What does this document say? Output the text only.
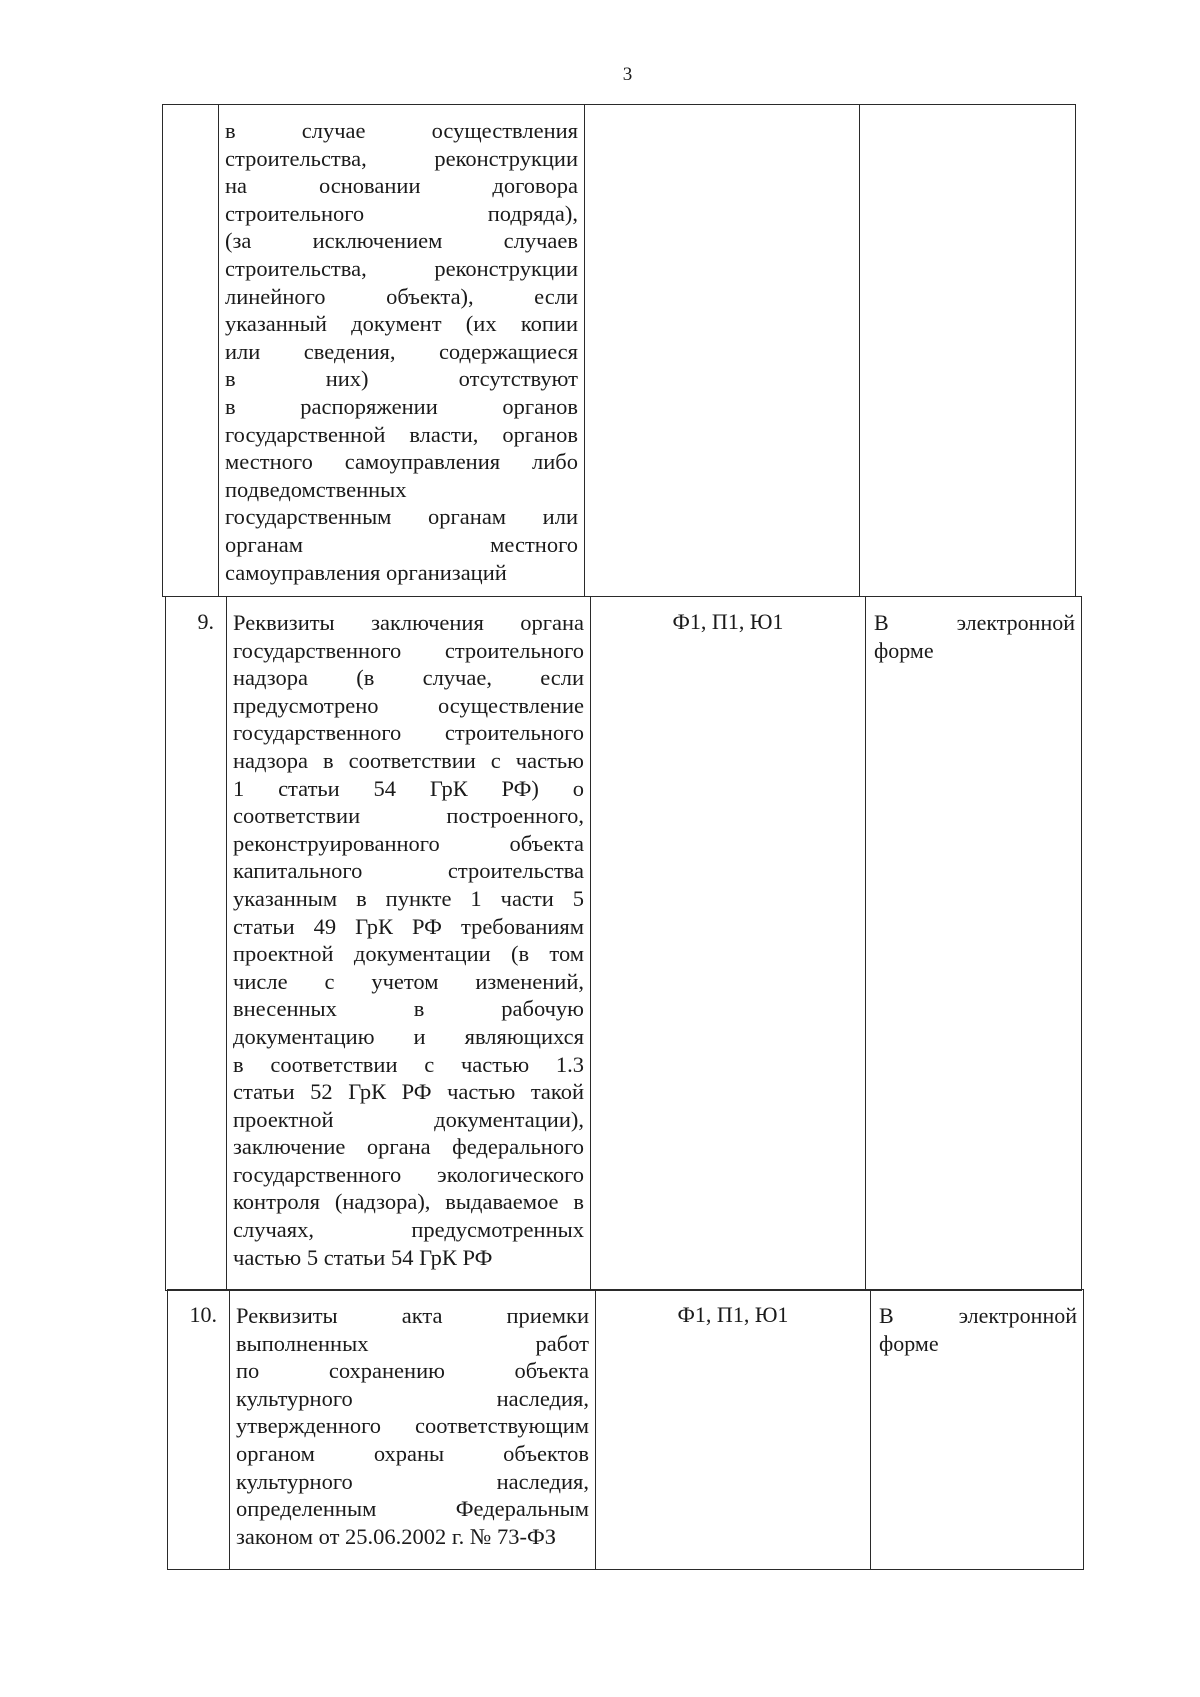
3

в случае осуществления
строительства, реконструкции
на основании договора
строительного подряда),
(за исключением случаев
строительства, реконструкции
линейного объекта), если
указанный документ (их копии
или сведения, содержащиеся
в них) отсутствуют
в распоряжении органов
государственной власти, органов
местного самоуправления либо
подведомственных
государственным органам или
органам местного
самоуправления организаций

9.	Реквизиты заключения органа
государственного строительного
надзора (в случае, если
предусмотрено осуществление
государственного строительного
надзора в соответствии с частью
1 статьи 54 ГрК РФ) о
соответствии построенного,
реконструированного объекта
капитального строительства
указанным в пункте 1 части 5
статьи 49 ГрК РФ требованиям
проектной документации (в том
числе с учетом изменений,
внесенных в рабочую
документацию и являющихся
в соответствии с частью 1.3
статьи 52 ГрК РФ частью такой
проектной документации),
заключение органа федерального
государственного экологического
контроля (надзора), выдаваемое в
случаях, предусмотренных
частью 5 статьи 54 ГрК РФ
	Ф1, П1, Ю1	В электронной
форме
10.	Реквизиты акта приемки
выполненных работ
по сохранению объекта
культурного наследия,
утвержденного соответствующим
органом охраны объектов
культурного наследия,
определенным Федеральным
законом от 25.06.2002 г. № 73-ФЗ
	Ф1, П1, Ю1	В электронной
форме
